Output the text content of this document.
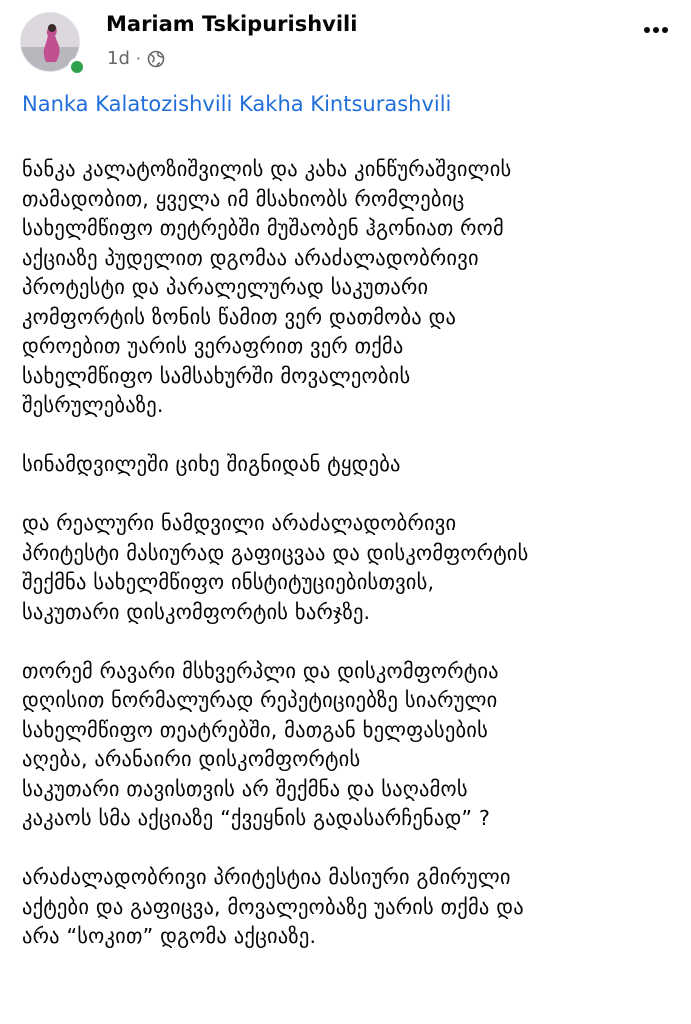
Mariam Tskipurishvili
1d ·
Nanka Kalatozishvili Kakha Kintsurashvili
ნანკა კალატოზიშვილის და კახა კინწურაშვილის
თამადობით, ყველა იმ მსახიობს რომლებიც
სახელმწიფო თეტრებში მუშაობენ ჰგონიათ რომ
აქციაზე პუდელით დგომაა არაძალადობრივი
პროტესტი და პარალელურად საკუთარი
კომფორტის ზონის წამით ვერ დათმობა და
დროებით უარის ვერაფრით ვერ თქმა
სახელმწიფო სამსახურში მოვალეობის
შესრულებაზე.
სინამდვილეში ციხე შიგნიდან ტყდება
და რეალური ნამდვილი არაძალადობრივი
პრიტესტი მასიურად გაფიცვაა და დისკომფორტის
შექმნა სახელმწიფო ინსტიტუციებისთვის,
საკუთარი დისკომფორტის ხარჯზე.
თორემ რავარი მსხვერპლი და დისკომფორტია
დღისით ნორმალურად რეპეტიციებზე სიარული
სახელმწიფო თეატრებში, მათგან ხელფასების
აღება, არანაირი დისკომფორტის
საკუთარი თავისთვის არ შექმნა და საღამოს
კაკაოს სმა აქციაზე “ქვეყნის გადასარჩენად” ?
არაძალადობრივი პრიტესტია მასიური გმირული
აქტები და გაფიცვა, მოვალეობაზე უარის თქმა და
არა “სოკით” დგომა აქციაზე.
